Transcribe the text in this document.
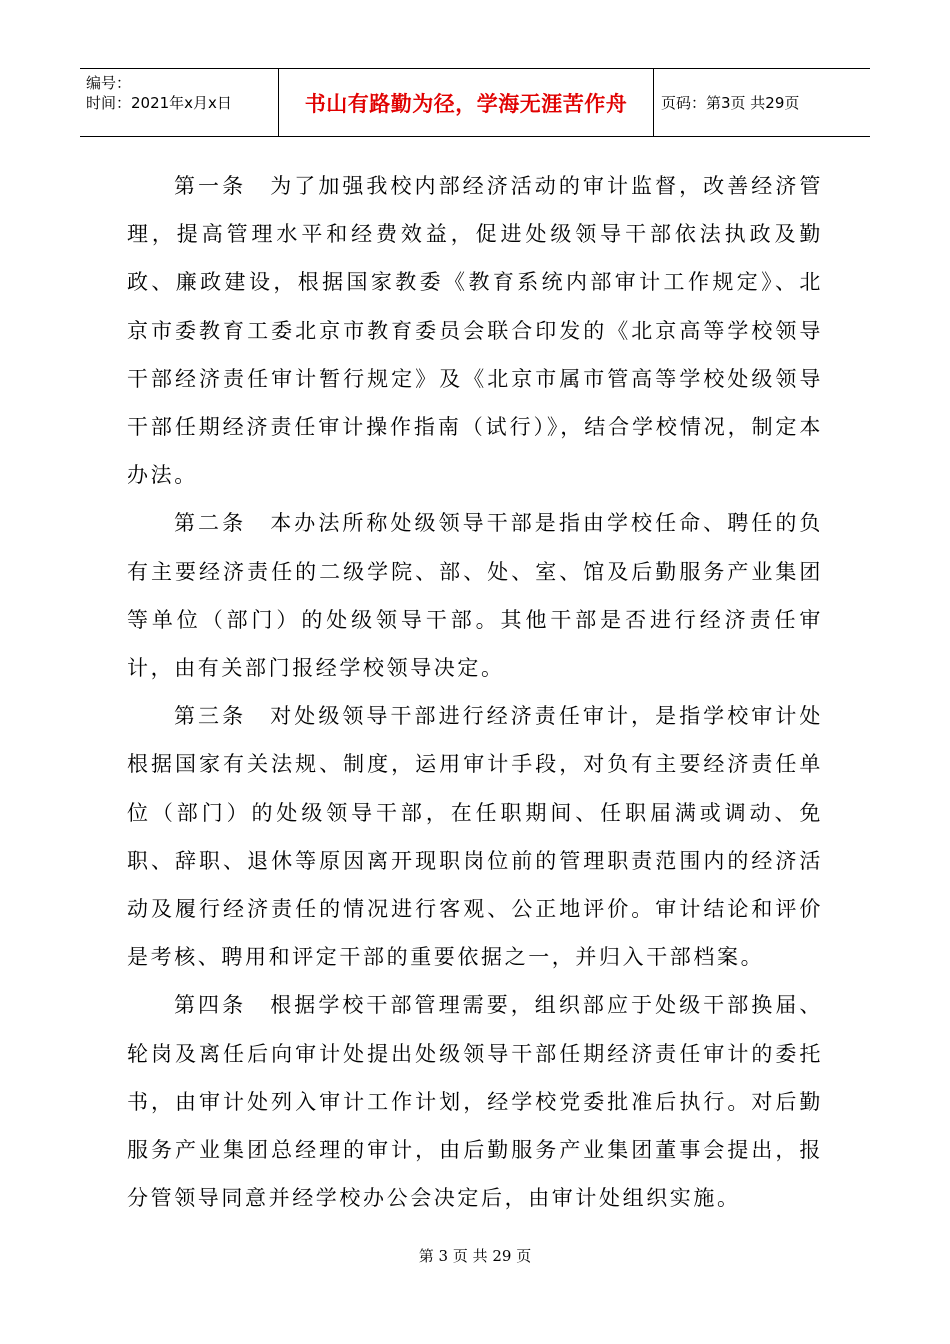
编号：
时间：2021年x月x日	书山有路勤为径，学海无涯苦作舟	页码：第3页 共29页

第一条　为了加强我校内部经济活动的审计监督，改善经济管理，提高管理水平和经费效益，促进处级领导干部依法执政及勤政、廉政建设，根据国家教委《教育系统内部审计工作规定》、北京市委教育工委北京市教育委员会联合印发的《北京高等学校领导干部经济责任审计暂行规定》及《北京市属市管高等学校处级领导干部任期经济责任审计操作指南（试行）》，结合学校情况，制定本办法。

第二条　本办法所称处级领导干部是指由学校任命、聘任的负有主要经济责任的二级学院、部、处、室、馆及后勤服务产业集团等单位（部门）的处级领导干部。其他干部是否进行经济责任审计，由有关部门报经学校领导决定。

第三条　对处级领导干部进行经济责任审计，是指学校审计处根据国家有关法规、制度，运用审计手段，对负有主要经济责任单位（部门）的处级领导干部，在任职期间、任职届满或调动、免职、辞职、退休等原因离开现职岗位前的管理职责范围内的经济活动及履行经济责任的情况进行客观、公正地评价。审计结论和评价是考核、聘用和评定干部的重要依据之一，并归入干部档案。

第四条　根据学校干部管理需要，组织部应于处级干部换届、轮岗及离任后向审计处提出处级领导干部任期经济责任审计的委托书，由审计处列入审计工作计划，经学校党委批准后执行。对后勤服务产业集团总经理的审计，由后勤服务产业集团董事会提出，报分管领导同意并经学校办公会决定后，由审计处组织实施。

第 3 页 共 29 页
